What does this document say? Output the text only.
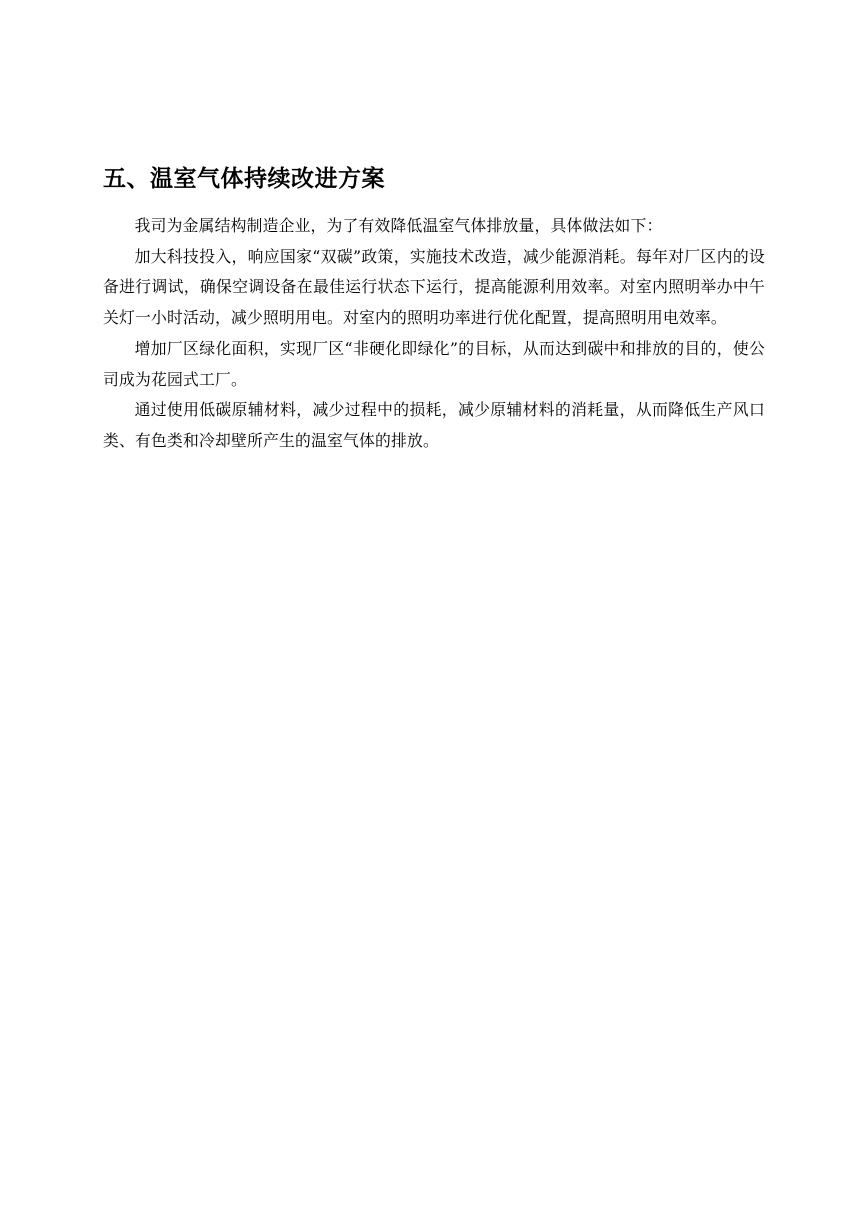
五、温室气体持续改进方案

我司为金属结构制造企业，为了有效降低温室气体排放量，具体做法如下：

加大科技投入，响应国家“双碳”政策，实施技术改造，减少能源消耗。每年对厂区内的设备进行调试，确保空调设备在最佳运行状态下运行，提高能源利用效率。对室内照明举办中午关灯一小时活动，减少照明用电。对室内的照明功率进行优化配置，提高照明用电效率。

增加厂区绿化面积，实现厂区“非硬化即绿化”的目标，从而达到碳中和排放的目的，使公司成为花园式工厂。

通过使用低碳原辅材料，减少过程中的损耗，减少原辅材料的消耗量，从而降低生产风口类、有色类和冷却壁所产生的温室气体的排放。
